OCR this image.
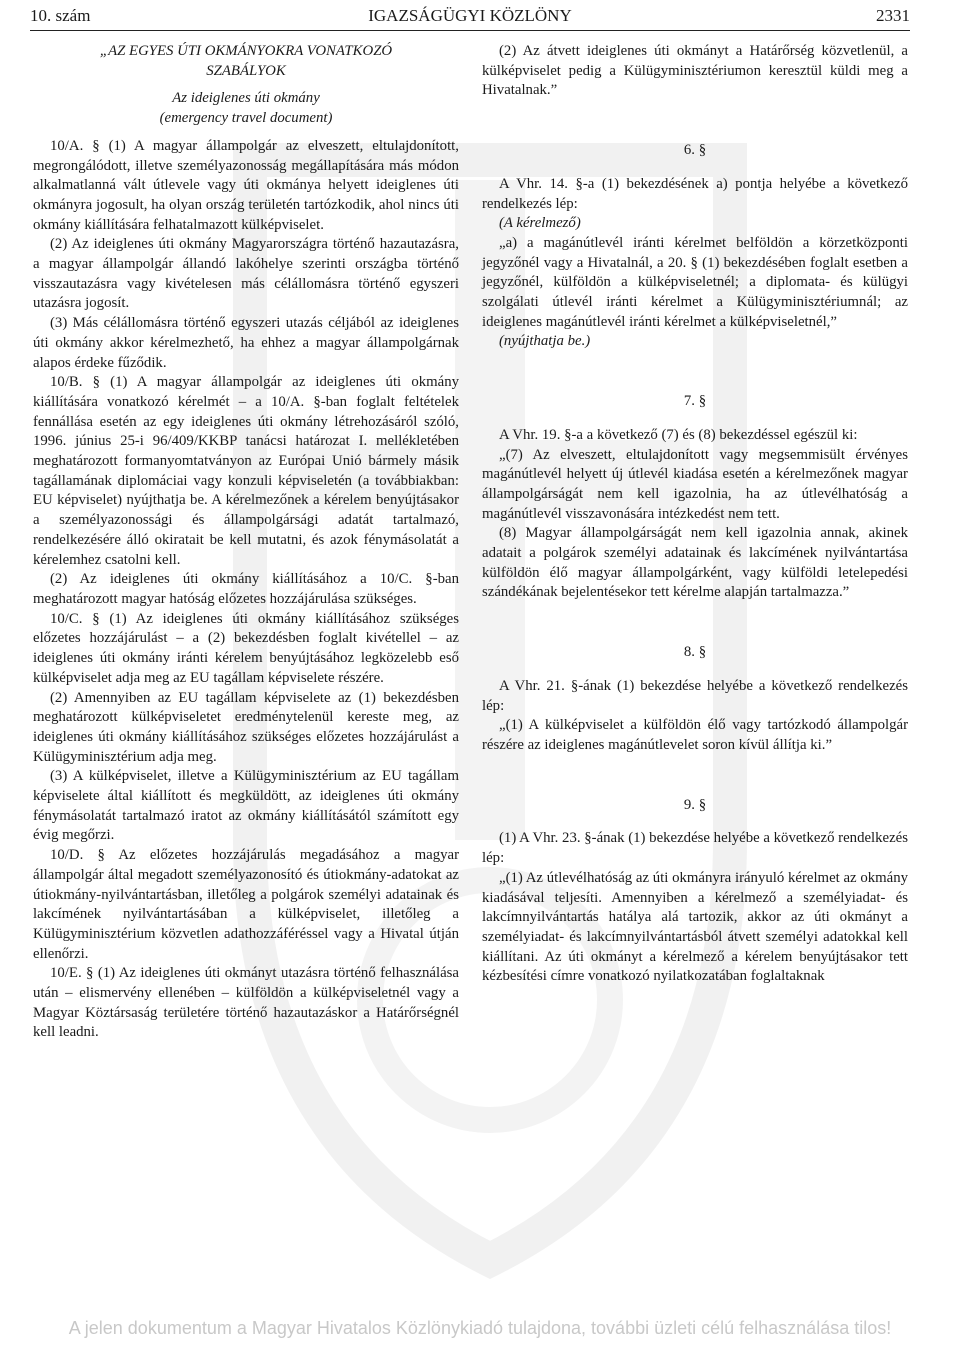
IGAZSÁGÜGYI KÖZLÖNY
10. szám	2331

„AZ EGYES ÚTI OKMÁNYOKRA VONATKOZÓ

SZABÁLYOK

Az ideiglenes úti okmány

(emergency travel document)

10/A. § (1) A magyar állampolgár az elveszett, eltulajdonított, megrongálódott, illetve személyazonosság megállapítására más módon alkalmatlanná vált útlevele vagy úti okmánya helyett ideiglenes úti okmányra jogosult, ha olyan ország területén tartózkodik, ahol nincs úti okmány kiállítására felhatalmazott külképviselet.

(2) Az ideiglenes úti okmány Magyarországra történő hazautazásra, a magyar állampolgár állandó lakóhelye szerinti országba történő visszautazásra vagy kivételesen más célállomásra történő egyszeri utazásra jogosít.

(3) Más célállomásra történő egyszeri utazás céljából az ideiglenes úti okmány akkor kérelmezhető, ha ehhez a magyar állampolgárnak alapos érdeke fűződik.

10/B. § (1) A magyar állampolgár az ideiglenes úti okmány kiállítására vonatkozó kérelmét – a 10/A. §-ban foglalt feltételek fennállása esetén az egy ideiglenes úti okmány létrehozásáról szóló, 1996. június 25-i 96/409/KKBP tanácsi határozat I. mellékletében meghatározott formanyomtatványon az Európai Unió bármely másik tagállamának diplomáciai vagy konzuli képviseletén (a továbbiakban: EU képviselet) nyújthatja be. A kérelmezőnek a kérelem benyújtásakor a személyazonossági és állampolgársági adatát tartalmazó, rendelkezésére álló okiratait be kell mutatni, és azok fénymásolatát a kérelemhez csatolni kell.

(2) Az ideiglenes úti okmány kiállításához a 10/C. §-ban meghatározott magyar hatóság előzetes hozzájárulása szükséges.

10/C. § (1) Az ideiglenes úti okmány kiállításához szükséges előzetes hozzájárulást – a (2) bekezdésben foglalt kivétellel – az ideiglenes úti okmány iránti kérelem benyújtásához legközelebb eső külképviselet adja meg az EU tagállam képviselete részére.

(2) Amennyiben az EU tagállam képviselete az (1) bekezdésben meghatározott külképviseletet eredménytelenül kereste meg, az ideiglenes úti okmány kiállításához szükséges előzetes hozzájárulást a Külügyminisztérium adja meg.

(3) A külképviselet, illetve a Külügyminisztérium az EU tagállam képviselete által kiállított és megküldött, az ideiglenes úti okmány fénymásolatát tartalmazó iratot az okmány kiállításától számított egy évig megőrzi.

10/D. § Az előzetes hozzájárulás megadásához a magyar állampolgár által megadott személyazonosító és útiokmány-adatokat az útiokmány-nyilvántartásban, illetőleg a polgárok személyi adatainak és lakcímének nyilvántartásában a külképviselet, illetőleg a Külügyminisztérium közvetlen adathozzáféréssel vagy a Hivatal útján ellenőrzi.

10/E. § (1) Az ideiglenes úti okmányt utazásra történő felhasználása után – elismervény ellenében – külföldön a külképviseletnél vagy a Magyar Köztársaság területére történő hazautazáskor a Határőrségnél kell leadni.

(2) Az átvett ideiglenes úti okmányt a Határőrség közvetlenül, a külképviselet pedig a Külügyminisztériumon keresztül küldi meg a Hivatalnak.”

6. §

A Vhr. 14. §-a (1) bekezdésének a) pontja helyébe a következő rendelkezés lép:

(A kérelmező)

„a) a magánútlevél iránti kérelmet belföldön a körzetközponti jegyzőnél vagy a Hivatalnál, a 20. § (1) bekezdésében foglalt esetben a jegyzőnél, külföldön a külképviseletnél; a diplomata- és külügyi szolgálati útlevél iránti kérelmet a Külügyminisztériumnál; az ideiglenes magánútlevél iránti kérelmet a külképviseletnél,”

(nyújthatja be.)

7. §

A Vhr. 19. §-a a következő (7) és (8) bekezdéssel egészül ki:

„(7) Az elveszett, eltulajdonított vagy megsemmisült érvényes magánútlevél helyett új útlevél kiadása esetén a kérelmezőnek magyar állampolgárságát nem kell igazolnia, ha az útlevélhatóság a magánútlevél visszavonására intézkedést nem tett.

(8) Magyar állampolgárságát nem kell igazolnia annak, akinek adatait a polgárok személyi adatainak és lakcímének nyilvántartása külföldön élő magyar állampolgárként, vagy külföldi letelepedési szándékának bejelentésekor tett kérelme alapján tartalmazza.”

8. §

A Vhr. 21. §-ának (1) bekezdése helyébe a következő rendelkezés lép:

„(1) A külképviselet a külföldön élő vagy tartózkodó állampolgár részére az ideiglenes magánútlevelet soron kívül állítja ki.”

9. §

(1) A Vhr. 23. §-ának (1) bekezdése helyébe a következő rendelkezés lép:

„(1) Az útlevélhatóság az úti okmányra irányuló kérelmet az okmány kiadásával teljesíti. Amennyiben a kérelmező a személyiadat- és lakcímnyilvántartás hatálya alá tartozik, akkor az úti okmányt a személyiadat- és lakcímnyilvántartásból átvett személyi adatokkal kell kiállítani. Az úti okmányt a kérelmező a kérelem benyújtásakor tett kézbesítési címre vonatkozó nyilatkozatában foglaltaknak

A jelen dokumentum a Magyar Hivatalos Közlönykiadó tulajdona, további üzleti célú felhasználása tilos!
